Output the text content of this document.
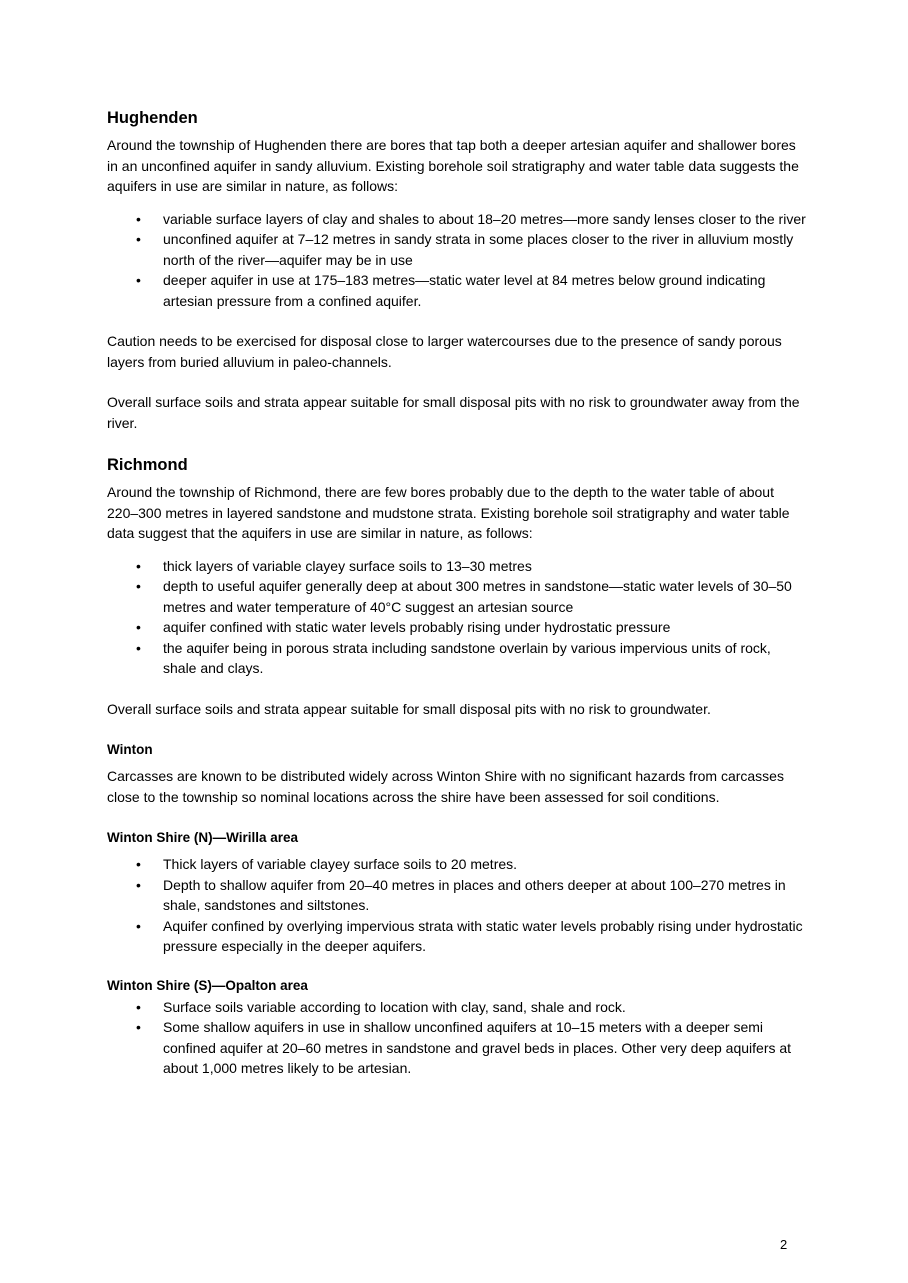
Hughenden

Around the township of Hughenden there are bores that tap both a deeper artesian aquifer and shallower bores in an unconfined aquifer in sandy alluvium. Existing borehole soil stratigraphy and water table data suggests the aquifers in use are similar in nature, as follows:

• variable surface layers of clay and shales to about 18–20 metres—more sandy lenses closer to the river
• unconfined aquifer at 7–12 metres in sandy strata in some places closer to the river in alluvium mostly north of the river—aquifer may be in use
• deeper aquifer in use at 175–183 metres—static water level at 84 metres below ground indicating artesian pressure from a confined aquifer.

Caution needs to be exercised for disposal close to larger watercourses due to the presence of sandy porous layers from buried alluvium in paleo-channels.

Overall surface soils and strata appear suitable for small disposal pits with no risk to groundwater away from the river.

Richmond

Around the township of Richmond, there are few bores probably due to the depth to the water table of about 220–300 metres in layered sandstone and mudstone strata. Existing borehole soil stratigraphy and water table data suggest that the aquifers in use are similar in nature, as follows:

• thick layers of variable clayey surface soils to 13–30 metres
• depth to useful aquifer generally deep at about 300 metres in sandstone—static water levels of 30–50 metres and water temperature of 40°C suggest an artesian source
• aquifer confined with static water levels probably rising under hydrostatic pressure
• the aquifer being in porous strata including sandstone overlain by various impervious units of rock, shale and clays.

Overall surface soils and strata appear suitable for small disposal pits with no risk to groundwater.

Winton

Carcasses are known to be distributed widely across Winton Shire with no significant hazards from carcasses close to the township so nominal locations across the shire have been assessed for soil conditions.

Winton Shire (N)—Wirilla area
• Thick layers of variable clayey surface soils to 20 metres.
• Depth to shallow aquifer from 20–40 metres in places and others deeper at about 100–270 metres in shale, sandstones and siltstones.
• Aquifer confined by overlying impervious strata with static water levels probably rising under hydrostatic pressure especially in the deeper aquifers.
Winton Shire (S)—Opalton area
• Surface soils variable according to location with clay, sand, shale and rock.
• Some shallow aquifers in use in shallow unconfined aquifers at 10–15 meters with a deeper semi confined aquifer at 20–60 metres in sandstone and gravel beds in places. Other very deep aquifers at about 1,000 metres likely to be artesian.
2
